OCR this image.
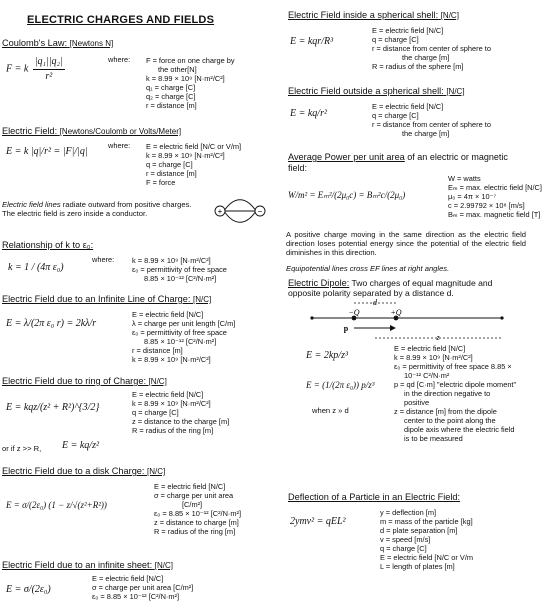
ELECTRIC CHARGES AND FIELDS
Coulomb's Law: [Newtons N]
F = k $\frac{\text{|q₁||q₂|}}{\text{r²}}$	where: F = force on one charge by
the other[N]
k = 8.99 × 10⁹ [N·m²/C²]
q₁ = charge [C]
q₂ = charge [C]
r = distance [m]
Electric Field: [Newtons/Coulomb or Volts/Meter]
E = k |q|/r² = |F|/|q|
where: E = electric field [N/C or V/m]
k = 8.99 × 10⁹ [N·m²/C²]
q = charge [C]
r = distance [m]
F = force
Electric field lines radiate outward from positive charges. The electric field is zero inside a conductor.	+	−
Relationship of k to ε₀:
k = 1 / (4π ε₀)
where: k = 8.99 × 10⁹ [N·m²/C²]
ε₀ = permittivity of free space
8.85 × 10⁻¹² [C²/N·m²]
Electric Field due to an Infinite Line of Charge: [N/C]
E = λ/(2π ε₀ r) = 2kλ/r
E = electric field [N/C]
λ = charge per unit length [C/m]
ε₀ = permittivity of free space
8.85 × 10⁻¹² [C²/N·m²]
r = distance [m]
k = 8.99 × 10⁹ [N·m²/C²]
Electric Field due to ring of Charge: [N/C]
E = kqz/(z² + R²)^{3/2}
or if z >> R, E = kq/z²
E = electric field [N/C]
k = 8.99 × 10⁹ [N·m²/C²]
q = charge [C]
z = distance to the charge [m]
R = radius of the ring [m]
Electric Field due to a disk Charge: [N/C]
E = σ/(2ε₀) (1 − z/√(z²+R²))
E = electric field [N/C]
σ = charge per unit area
[C/m²]
ε₀ = 8.85 × 10⁻¹² [C²/N·m²]
z = distance to charge [m]
R = radius of the ring [m]
Electric Field due to an infinite sheet: [N/C]
E = σ/(2ε₀)
E = electric field [N/C]
σ = charge per unit area [C/m²]
ε₀ = 8.85 × 10⁻¹² [C²/N·m²]
Electric Field inside a spherical shell: [N/C]
E = kqr/R³
E = electric field [N/C]
q = charge [C]
r = distance from center of sphere to
the charge [m]
R = radius of the sphere [m]
Electric Field outside a spherical shell: [N/C]
E = kq/r²
E = electric field [N/C]
q = charge [C]
r = distance from center of sphere to
the charge [m]
Average Power per unit area of an electric or magnetic field:
W/m² = Eₘ²/(2μ₀c) = Bₘ²c/(2μ₀)
W = watts
Eₘ = max. electric field [N/C]
μ₀ = 4π × 10⁻⁷
c = 2.99792 × 10⁸ [m/s]
Bₘ = max. magnetic field [T]
A positive charge moving in the same direction as the electric field direction loses potential energy since the potential of the electric field diminishes in this direction.
Equipotential lines cross EF lines at right angles.
Electric Dipole: Two charges of equal magnitude and opposite polarity separated by a distance d.
d
−Q	+Q
p
z
E = 2kp/z³
E = (1/(2π ε₀)) p/z³
when z » d
E = electric field [N/C]
k = 8.99 × 10⁹ [N·m²/C²]
ε₀ = permittivity of free space 8.85 ×
10⁻¹² C²/N·m²
p = qd [C·m] "electric dipole moment"
in the direction negative to
positive
z = distance [m] from the dipole
center to the point along the
dipole axis where the electric field
is to be measured
Deflection of a Particle in an Electric Field:
2ymv² = qEL²
y = deflection [m]
m = mass of the particle [kg]
d = plate separation [m]
v = speed [m/s]
q = charge [C]
E = electric field [N/C or V/m
L = length of plates [m]
